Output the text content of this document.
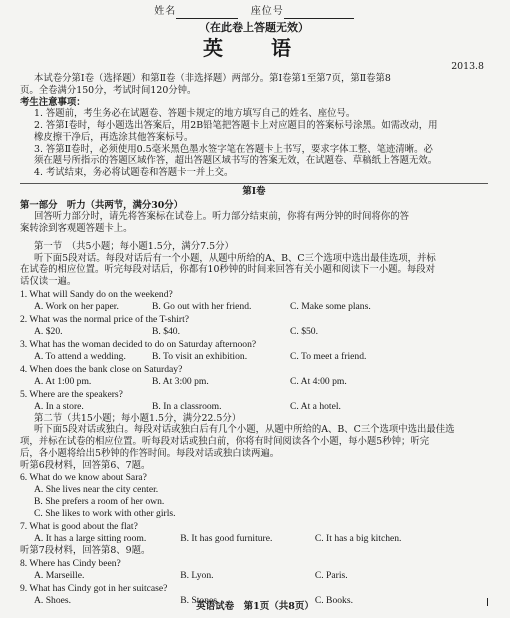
姓名	座位号

（在此卷上答题无效）

英　语

2013.8

本试卷分第Ⅰ卷（选择题）和第Ⅱ卷（非选择题）两部分。第Ⅰ卷第1至第7页，第Ⅱ卷第8

页。全卷满分150分，考试时间120分钟。

考生注意事项：

1. 答题前，考生务必在试题卷、答题卡规定的地方填写自己的姓名、座位号。

2. 答第Ⅰ卷时，每小题选出答案后，用2B铅笔把答题卡上对应题目的答案标号涂黑。如需改动，用

橡皮擦干净后，再选涂其他答案标号。

3. 答第Ⅱ卷时，必须使用0.5毫米黑色墨水签字笔在答题卡上书写，要求字体工整、笔迹清晰。必

须在题号所指示的答题区域作答，超出答题区域书写的答案无效，在试题卷、草稿纸上答题无效。

4. 考试结束，务必将试题卷和答题卡一并上交。

第Ⅰ卷

第一部分　听力（共两节，满分30分）

回答听力部分时，请先将答案标在试卷上。听力部分结束前，你将有两分钟的时间将你的答

案转涂到客观题答题卡上。

第一节　（共5小题；每小题1.5分，满分7.5分）

听下面5段对话。每段对话后有一个小题，从题中所给的A、B、C三个选项中选出最佳选项，并标

在试卷的相应位置。听完每段对话后，你都有10秒钟的时间来回答有关小题和阅读下一小题。每段对

话仅读一遍。

1. What will Sandy do on the weekend?

A. Work on her paper.	B. Go out with her friend.	C. Make some plans.

2. What was the normal price of the T-shirt?

A. $20.	B. $40.	C. $50.

3. What has the woman decided to do on Saturday afternoon?

A. To attend a wedding.	B. To visit an exhibition.	C. To meet a friend.

4. When does the bank close on Saturday?

A. At 1:00 pm.	B. At 3:00 pm.	C. At 4:00 pm.

5. Where are the speakers?

A. In a store.	B. In a classroom.	C. At a hotel.

第二节（共15小题；每小题1.5分，满分22.5分）

听下面5段对话或独白。每段对话或独白后有几个小题，从题中所给的A、B、C三个选项中选出最佳选

项，并标在试卷的相应位置。听每段对话或独白前，你将有时间阅读各个小题，每小题5秒钟；听完

后，各小题将给出5秒钟的作答时间。每段对话或独白读两遍。

听第6段材料，回答第6、7题。

6. What do we know about Sara?

A. She lives near the city center.
B. She prefers a room of her own.
C. She likes to work with other girls.

7. What is good about the flat?

A. It has a large sitting room.	B. It has good furniture.	C. It has a big kitchen.

听第7段材料，回答第8、9题。

8. Where has Cindy been?

A. Marseille.	B. Lyon.	C. Paris.

9. What has Cindy got in her suitcase?

A. Shoes.	B. Stones.	C. Books.

英语试卷　第1页（共8页）
